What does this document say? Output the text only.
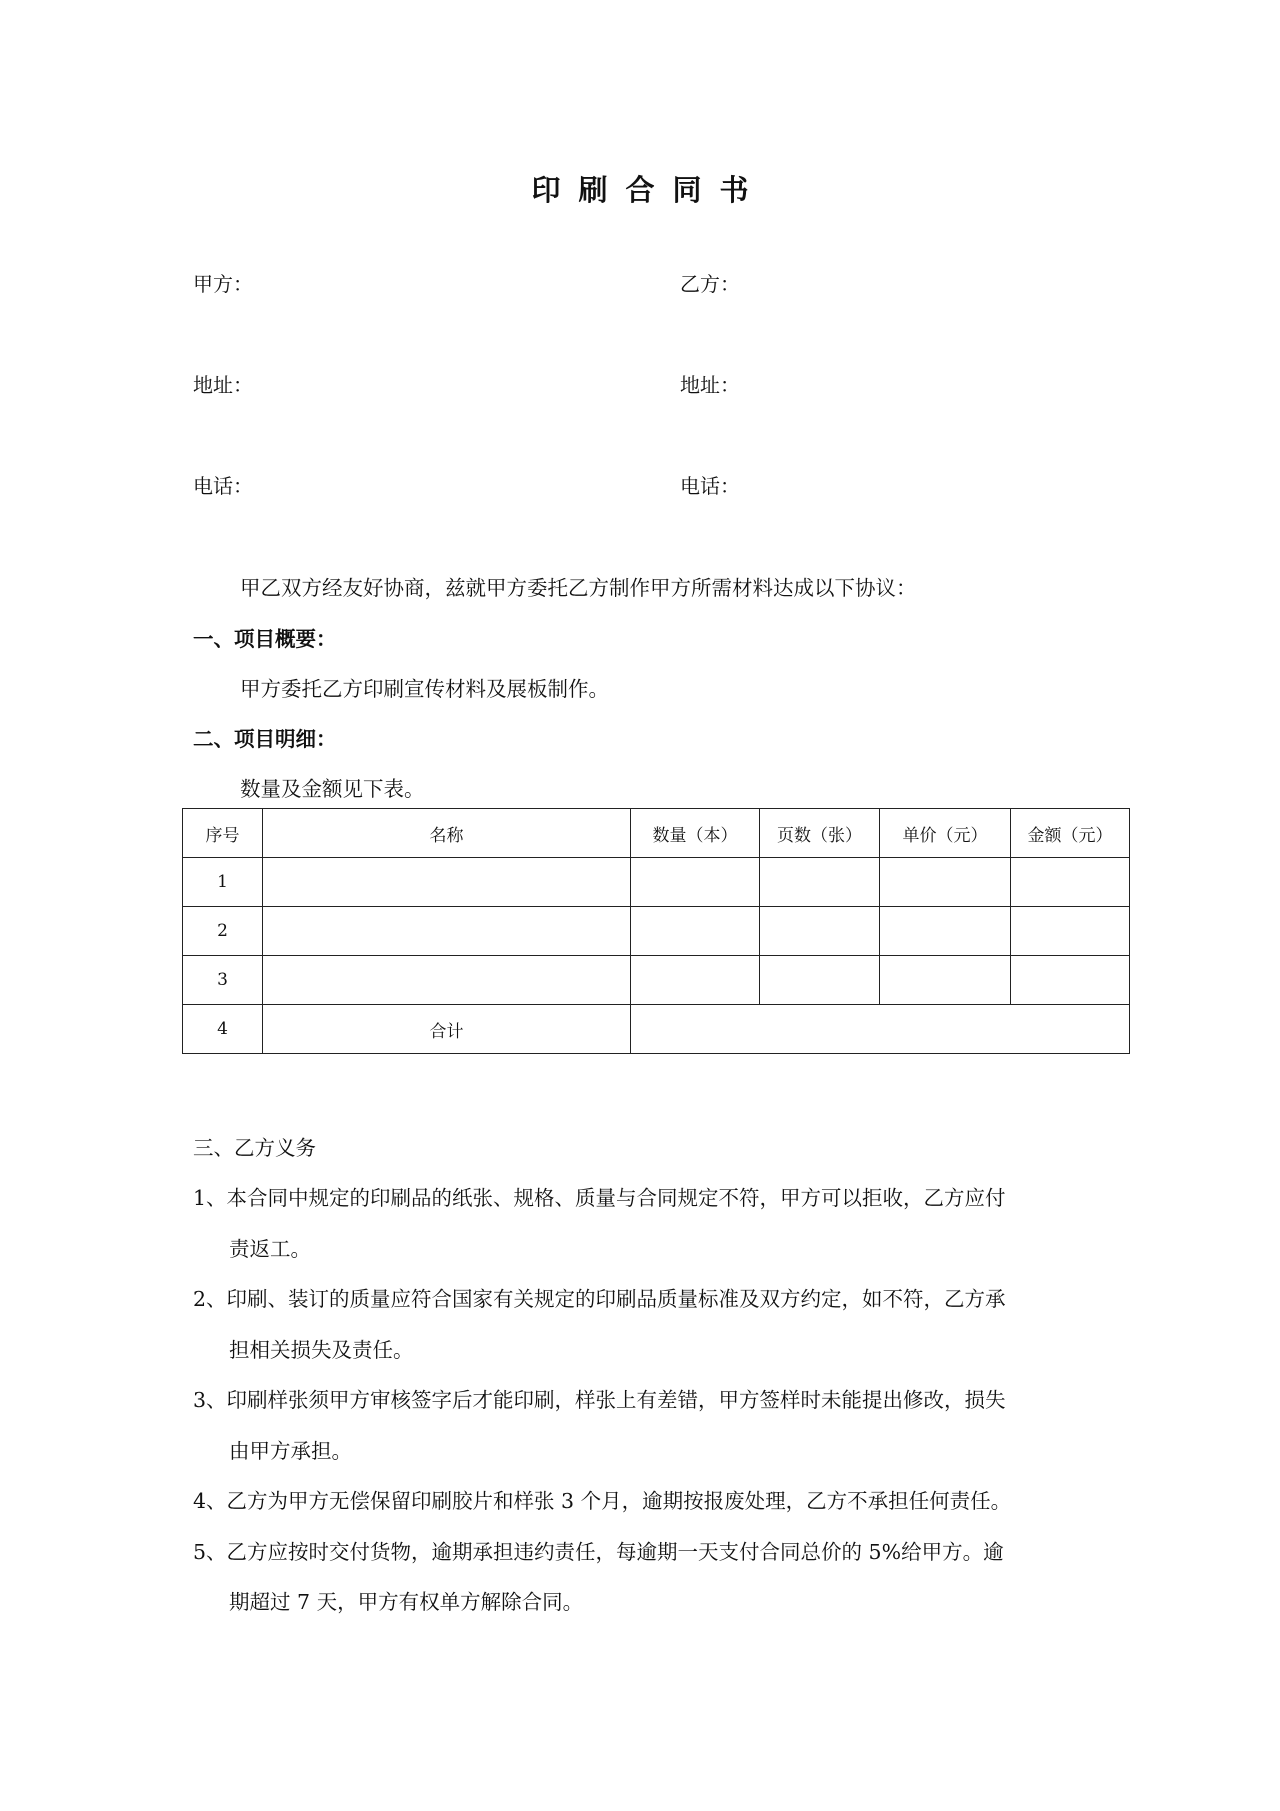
印刷合同书
甲方：	乙方：
地址：	地址：
电话：	电话：
甲乙双方经友好协商，兹就甲方委托乙方制作甲方所需材料达成以下协议：
一、项目概要：
甲方委托乙方印刷宣传材料及展板制作。
二、项目明细：
数量及金额见下表。
序号	名称	数量（本）	页数（张）	单价（元）	金额（元）
1					
2					
3					
4	合计				
三、乙方义务
1、本合同中规定的印刷品的纸张、规格、质量与合同规定不符，甲方可以拒收，乙方应付
责返工。
2、印刷、装订的质量应符合国家有关规定的印刷品质量标准及双方约定，如不符，乙方承
担相关损失及责任。
3、印刷样张须甲方审核签字后才能印刷，样张上有差错，甲方签样时未能提出修改，损失
由甲方承担。
4、乙方为甲方无偿保留印刷胶片和样张 3 个月，逾期按报废处理，乙方不承担任何责任。
5、乙方应按时交付货物，逾期承担违约责任，每逾期一天支付合同总价的 5%给甲方。逾
期超过 7 天，甲方有权单方解除合同。
